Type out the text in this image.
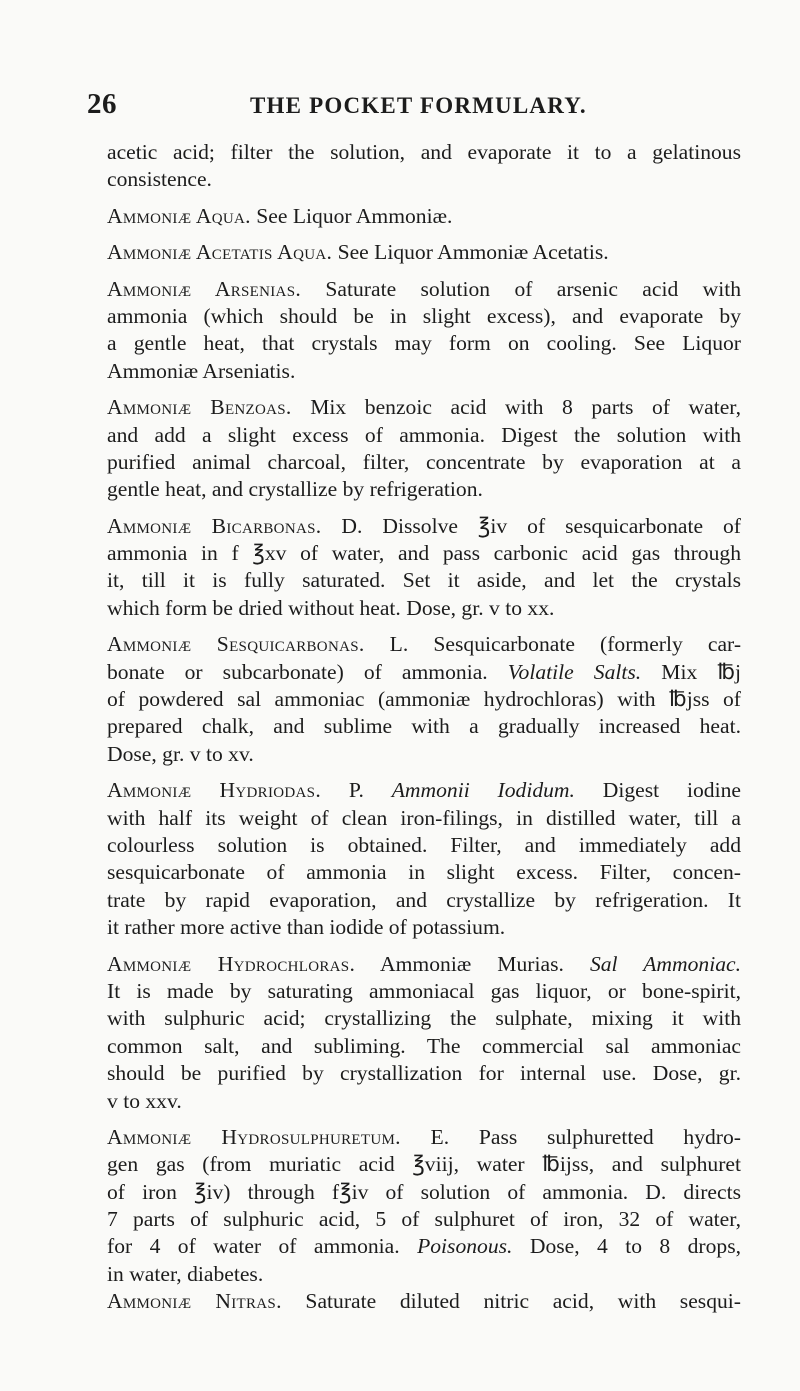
26	THE POCKET FORMULARY.
acetic acid; filter the solution, and evaporate it to a gelatinous
consistence.
Ammoniæ Aqua. See Liquor Ammoniæ.
Ammoniæ Acetatis Aqua. See Liquor Ammoniæ Acetatis.
Ammoniæ Arsenias. Saturate solution of arsenic acid with
ammonia (which should be in slight excess), and evaporate by
a gentle heat, that crystals may form on cooling. See Liquor
Ammoniæ Arseniatis.
Ammoniæ Benzoas. Mix benzoic acid with 8 parts of water,
and add a slight excess of ammonia. Digest the solution with
purified animal charcoal, filter, concentrate by evaporation at a
gentle heat, and crystallize by refrigeration.
Ammoniæ Bicarbonas. D. Dissolve ℥iv of sesquicarbonate of
ammonia in f ℥xv of water, and pass carbonic acid gas through
it, till it is fully saturated. Set it aside, and let the crystals
which form be dried without heat. Dose, gr. v to xx.
Ammoniæ Sesquicarbonas. L. Sesquicarbonate (formerly car-
bonate or subcarbonate) of ammonia. Volatile Salts. Mix ℔j
of powdered sal ammoniac (ammoniæ hydrochloras) with ℔jss of
prepared chalk, and sublime with a gradually increased heat.
Dose, gr. v to xv.
Ammoniæ Hydriodas. P. Ammonii Iodidum. Digest iodine
with half its weight of clean iron-filings, in distilled water, till a
colourless solution is obtained. Filter, and immediately add
sesquicarbonate of ammonia in slight excess. Filter, concen-
trate by rapid evaporation, and crystallize by refrigeration. It
it rather more active than iodide of potassium.
Ammoniæ Hydrochloras. Ammoniæ Murias. Sal Ammoniac.
It is made by saturating ammoniacal gas liquor, or bone-spirit,
with sulphuric acid; crystallizing the sulphate, mixing it with
common salt, and subliming. The commercial sal ammoniac
should be purified by crystallization for internal use. Dose, gr.
v to xxv.
Ammoniæ Hydrosulphuretum. E. Pass sulphuretted hydro-
gen gas (from muriatic acid ℥viij, water ℔ijss, and sulphuret
of iron ℥iv) through f℥iv of solution of ammonia. D. directs
7 parts of sulphuric acid, 5 of sulphuret of iron, 32 of water,
for 4 of water of ammonia. Poisonous. Dose, 4 to 8 drops,
in water, diabetes.
Ammoniæ Nitras. Saturate diluted nitric acid, with sesqui-
